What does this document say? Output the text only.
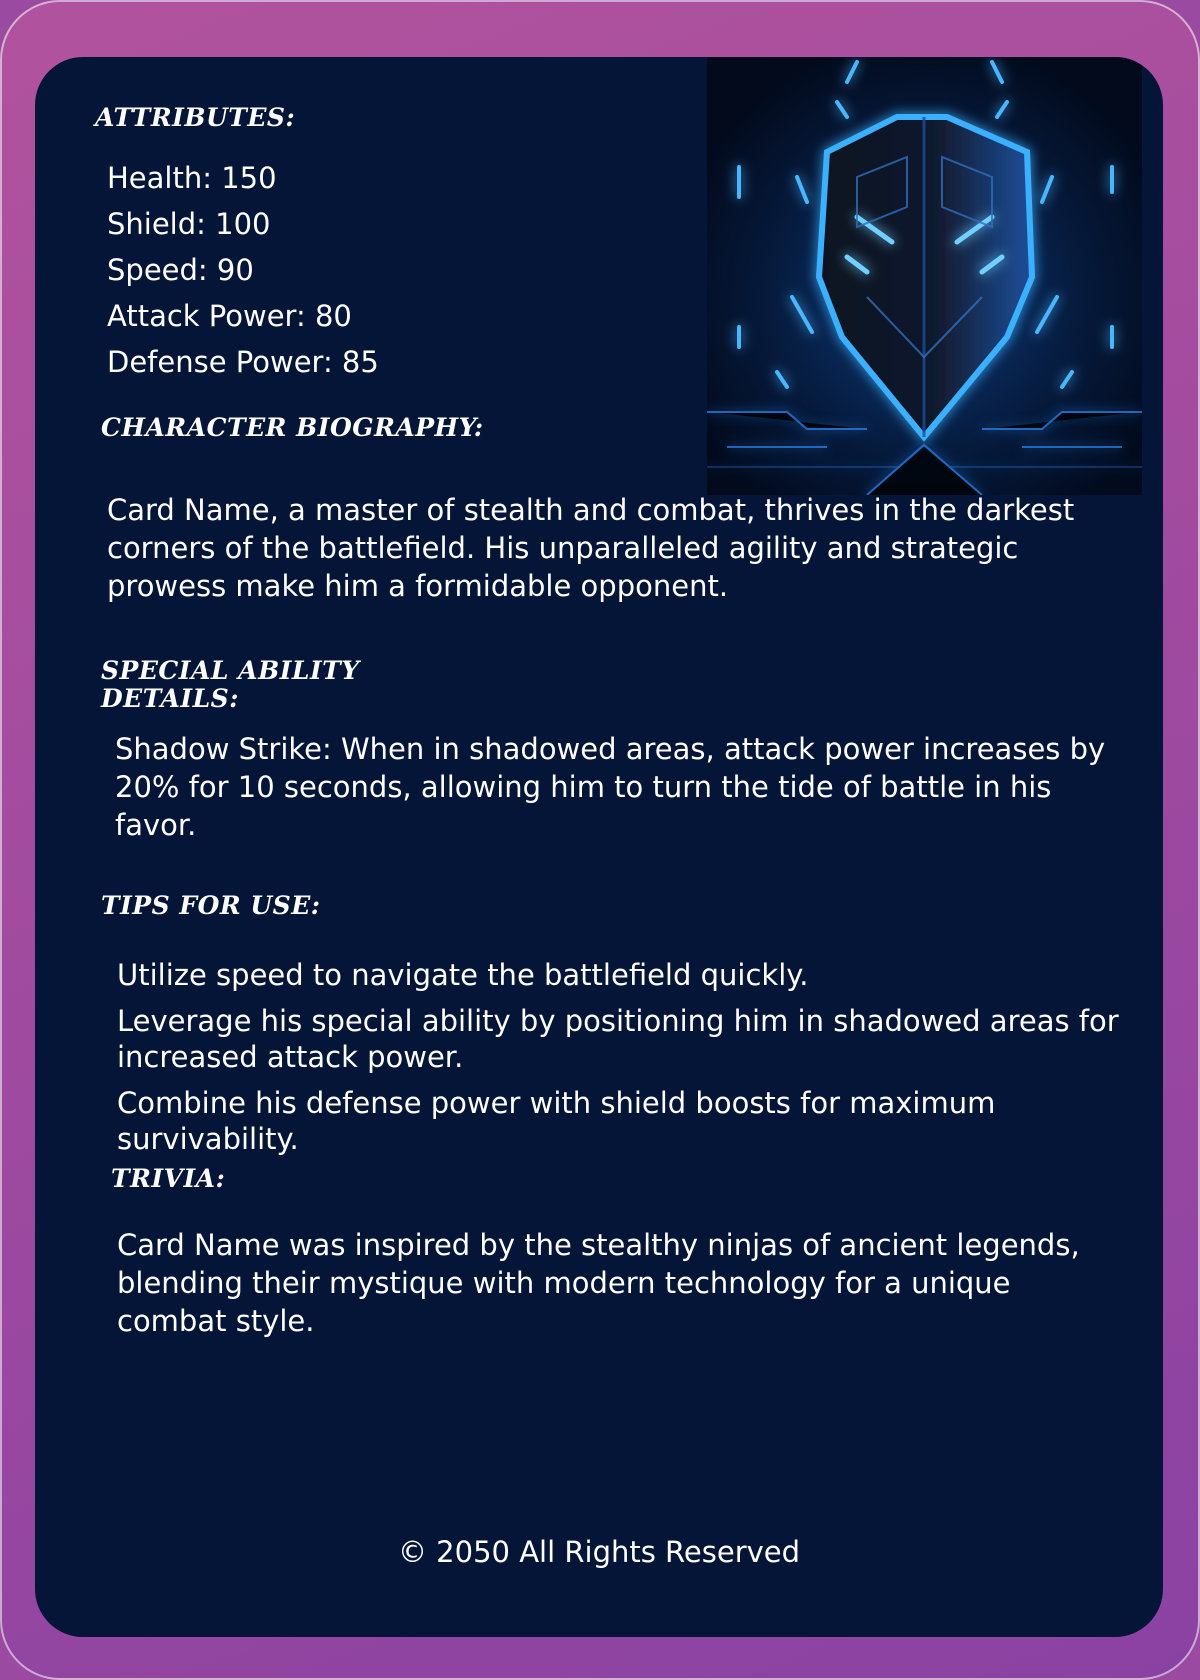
ATTRIBUTES:
Health: 150
Shield: 100
Speed: 90
Attack Power: 80
Defense Power: 85
CHARACTER BIOGRAPHY:

Card Name, a master of stealth and combat, thrives in the darkest corners of the battlefield. His unparalleled agility and strategic prowess make him a formidable opponent.

SPECIAL ABILITY DETAILS:

Shadow Strike: When in shadowed areas, attack power increases by 20% for 10 seconds, allowing him to turn the tide of battle in his favor.

TIPS FOR USE:
Utilize speed to navigate the battlefield quickly.
Leverage his special ability by positioning him in shadowed areas for increased attack power.
Combine his defense power with shield boosts for maximum survivability.
TRIVIA:

Card Name was inspired by the stealthy ninjas of ancient legends, blending their mystique with modern technology for a unique combat style.

© 2050 All Rights Reserved
